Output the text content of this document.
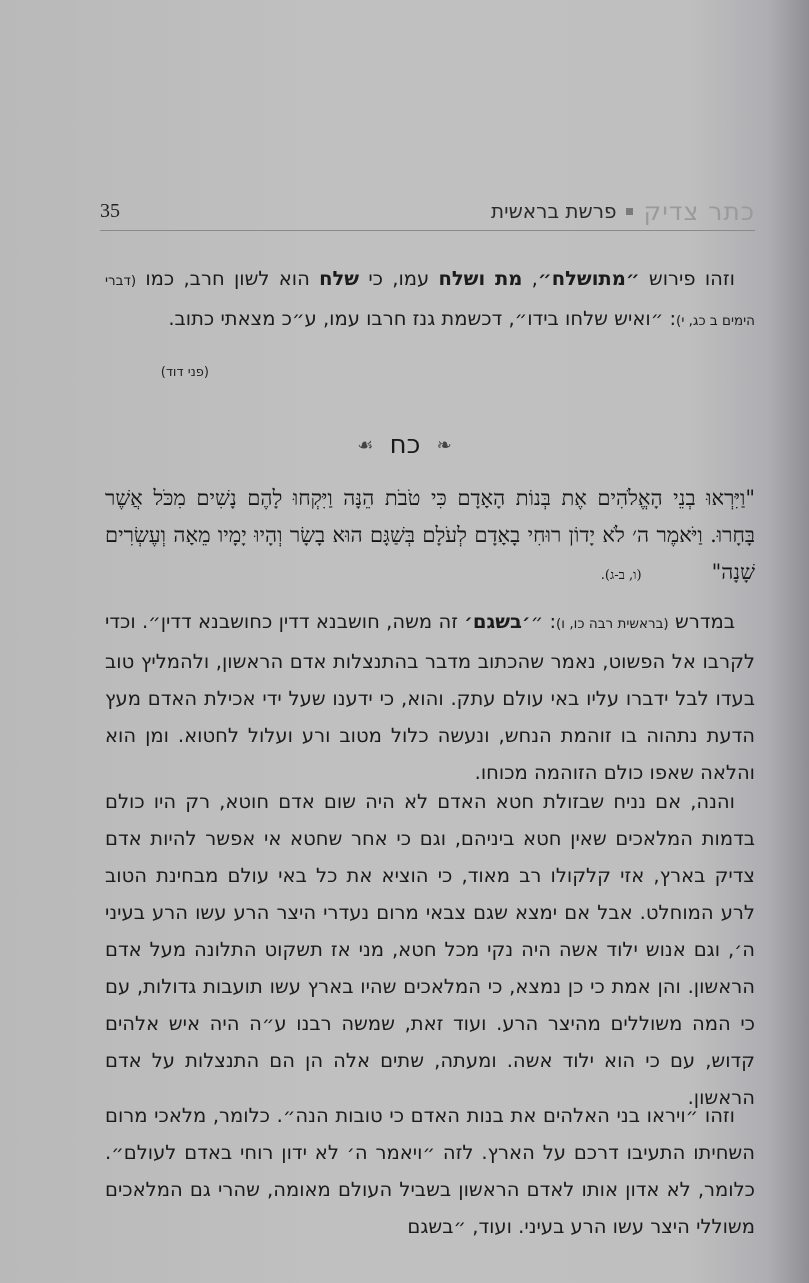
כתר צדיק
פרשת בראשית
35
וזהו פירוש ״מתושלח״, מת ושלח עמו, כי שלח הוא לשון חרב, כמו (דברי הימים ב כג, י): ״ואיש שלחו בידו״, דכשמת גנז חרבו עמו, ע״כ מצאתי כתוב.
(פני דוד)
❧ כח ☙
"וַיִּרְאוּ בְנֵי הָאֱלֹהִים אֶת בְּנוֹת הָאָדָם כִּי טֹבֹת הֵנָּה וַיִּקְחוּ לָהֶם נָשִׁים מִכֹּל אֲשֶׁר בָּחָרוּ. וַיֹּאמֶר ה׳ לֹא יָדוֹן רוּחִי בָאָדָם לְעֹלָם בְּשַׁגָּם הוּא בָשָׂר וְהָיוּ יָמָיו מֵאָה וְעֶשְׂרִים שָׁנָה"(ו, ב-ג).
במדרש (בראשית רבה כו, ו): ״׳בשגם׳ זה משה, חושבנא דדין כחושבנא דדין״. וכדי לקרבו אל הפשוט, נאמר שהכתוב מדבר בהתנצלות אדם הראשון, ולהמליץ טוב בעדו לבל ידברו עליו באי עולם עתק. והוא, כי ידענו שעל ידי אכילת האדם מעץ הדעת נתהוה בו זוהמת הנחש, ונעשה כלול מטוב ורע ועלול לחטוא. ומן הוא והלאה שאפו כולם הזוהמה מכוחו.
והנה, אם נניח שבזולת חטא האדם לא היה שום אדם חוטא, רק היו כולם בדמות המלאכים שאין חטא ביניהם, וגם כי אחר שחטא אי אפשר להיות אדם צדיק בארץ, אזי קלקולו רב מאוד, כי הוציא את כל באי עולם מבחינת הטוב לרע המוחלט. אבל אם ימצא שגם צבאי מרום נעדרי היצר הרע עשו הרע בעיני ה׳, וגם אנוש ילוד אשה היה נקי מכל חטא, מני אז תשקוט התלונה מעל אדם הראשון. והן אמת כי כן נמצא, כי המלאכים שהיו בארץ עשו תועבות גדולות, עם כי המה משוללים מהיצר הרע. ועוד זאת, שמשה רבנו ע״ה היה איש אלהים קדוש, עם כי הוא ילוד אשה. ומעתה, שתים אלה הן הם התנצלות על אדם הראשון.
וזהו ״ויראו בני האלהים את בנות האדם כי טובות הנה״. כלומר, מלאכי מרום השחיתו התעיבו דרכם על הארץ. לזה ״ויאמר ה׳ לא ידון רוחי באדם לעולם״. כלומר, לא אדון אותו לאדם הראשון בשביל העולם מאומה, שהרי גם המלאכים משוללי היצר עשו הרע בעיני. ועוד, ״בשגם
